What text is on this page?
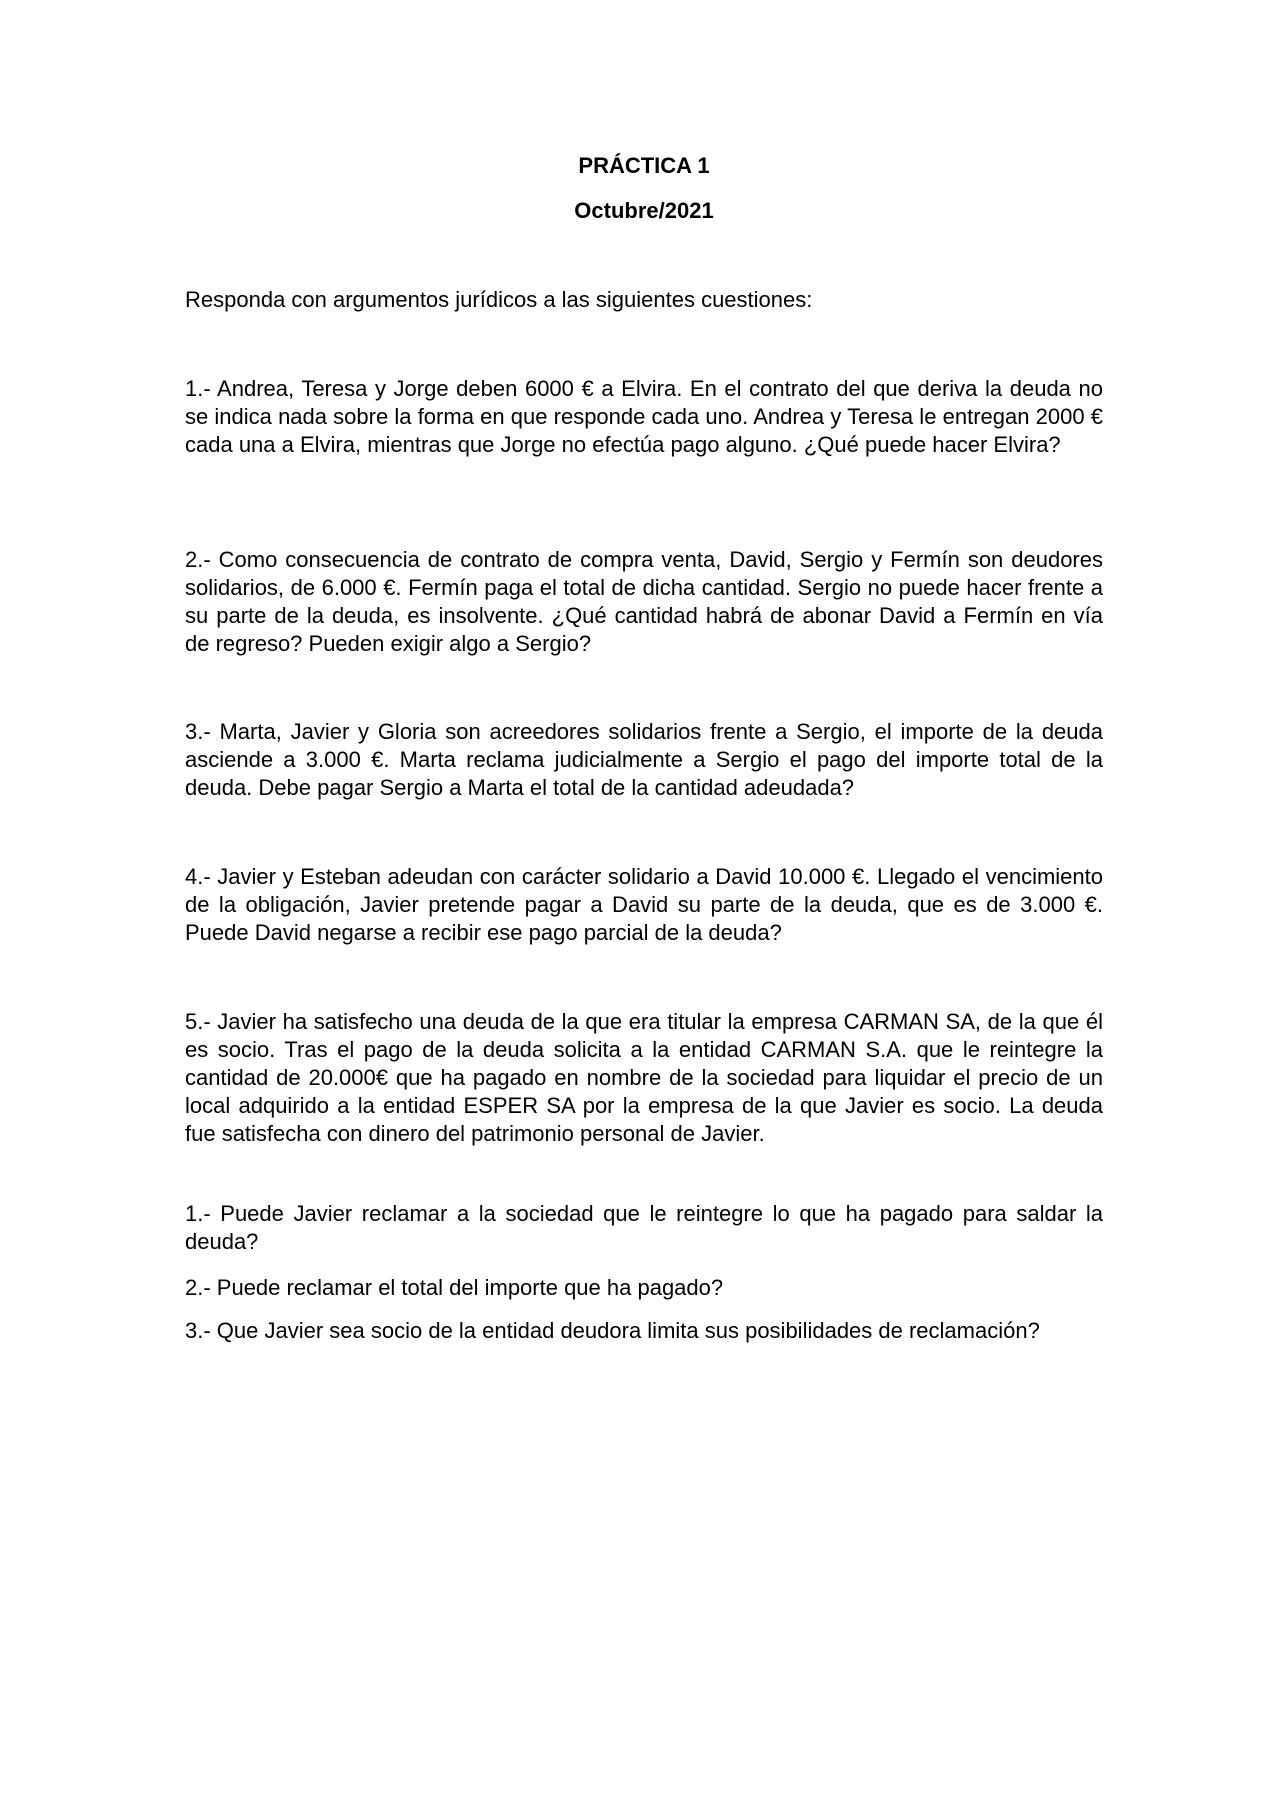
PRÁCTICA 1

Octubre/2021

Responda con argumentos jurídicos a las siguientes cuestiones:

1.- Andrea, Teresa y Jorge deben 6000 € a Elvira. En el contrato del que deriva la deuda no se indica nada sobre la forma en que responde cada uno. Andrea y Teresa le entregan 2000 € cada una a Elvira, mientras que Jorge no efectúa pago alguno. ¿Qué puede hacer Elvira?

2.- Como consecuencia de contrato de compra venta, David, Sergio y Fermín son deudores solidarios, de 6.000 €. Fermín paga el total de dicha cantidad. Sergio no puede hacer frente a su parte de la deuda, es insolvente. ¿Qué cantidad habrá de abonar David a Fermín en vía de regreso? Pueden exigir algo a Sergio?

3.- Marta, Javier y Gloria son acreedores solidarios frente a Sergio, el importe de la deuda asciende a 3.000 €. Marta reclama judicialmente a Sergio el pago del importe total de la deuda. Debe pagar Sergio a Marta el total de la cantidad adeudada?

4.- Javier y Esteban adeudan con carácter solidario a David 10.000 €. Llegado el vencimiento de la obligación, Javier pretende pagar a David su parte de la deuda, que es de 3.000 €. Puede David negarse a recibir ese pago parcial de la deuda?

5.- Javier ha satisfecho una deuda de la que era titular la empresa CARMAN SA, de la que él es socio. Tras el pago de la deuda solicita a la entidad CARMAN S.A. que le reintegre la cantidad de 20.000€ que ha pagado en nombre de la sociedad para liquidar el precio de un local adquirido a la entidad ESPER SA por la empresa de la que Javier es socio. La deuda fue satisfecha con dinero del patrimonio personal de Javier.

1.- Puede Javier reclamar a la sociedad que le reintegre lo que ha pagado para saldar la deuda?

2.- Puede reclamar el total del importe que ha pagado?

3.- Que Javier sea socio de la entidad deudora limita sus posibilidades de reclamación?
